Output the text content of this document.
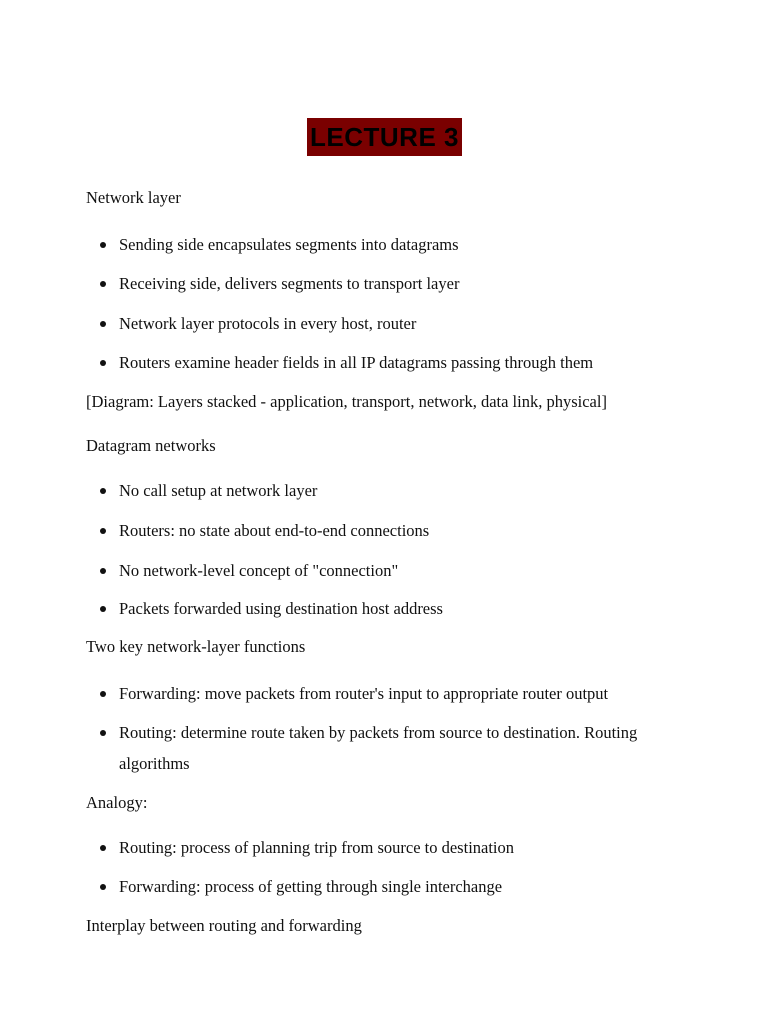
LECTURE 3
Network layer
Sending side encapsulates segments into datagrams
Receiving side, delivers segments to transport layer
Network layer protocols in every host, router
Routers examine header fields in all IP datagrams passing through them
[Diagram: Layers stacked - application, transport, network, data link, physical]
Datagram networks
No call setup at network layer
Routers: no state about end-to-end connections
No network-level concept of "connection"
Packets forwarded using destination host address
Two key network-layer functions
Forwarding: move packets from router's input to appropriate router output
Routing: determine route taken by packets from source to destination. Routing algorithms
Analogy:
Routing: process of planning trip from source to destination
Forwarding: process of getting through single interchange
Interplay between routing and forwarding
